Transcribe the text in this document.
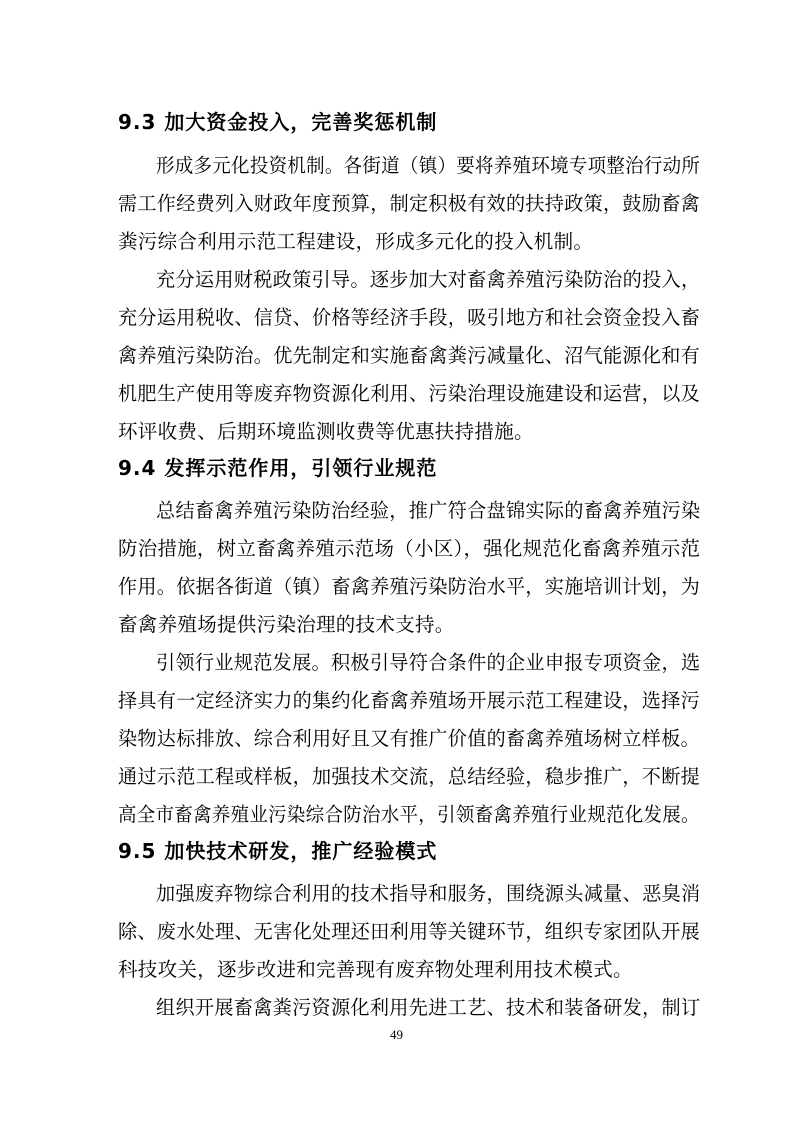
9.3 加大资金投入，完善奖惩机制
形成多元化投资机制。各街道（镇）要将养殖环境专项整治行动所
需工作经费列入财政年度预算，制定积极有效的扶持政策，鼓励畜禽
粪污综合利用示范工程建设，形成多元化的投入机制。
充分运用财税政策引导。逐步加大对畜禽养殖污染防治的投入，
充分运用税收、信贷、价格等经济手段，吸引地方和社会资金投入畜
禽养殖污染防治。优先制定和实施畜禽粪污减量化、沼气能源化和有
机肥生产使用等废弃物资源化利用、污染治理设施建设和运营，以及
环评收费、后期环境监测收费等优惠扶持措施。
9.4 发挥示范作用，引领行业规范
总结畜禽养殖污染防治经验，推广符合盘锦实际的畜禽养殖污染
防治措施，树立畜禽养殖示范场（小区），强化规范化畜禽养殖示范
作用。依据各街道（镇）畜禽养殖污染防治水平，实施培训计划，为
畜禽养殖场提供污染治理的技术支持。
引领行业规范发展。积极引导符合条件的企业申报专项资金，选
择具有一定经济实力的集约化畜禽养殖场开展示范工程建设，选择污
染物达标排放、综合利用好且又有推广价值的畜禽养殖场树立样板。
通过示范工程或样板，加强技术交流，总结经验，稳步推广，不断提
高全市畜禽养殖业污染综合防治水平，引领畜禽养殖行业规范化发展。
9.5 加快技术研发，推广经验模式
加强废弃物综合利用的技术指导和服务，围绕源头减量、恶臭消
除、废水处理、无害化处理还田利用等关键环节，组织专家团队开展
科技攻关，逐步改进和完善现有废弃物处理利用技术模式。
组织开展畜禽粪污资源化利用先进工艺、技术和装备研发，制订
49
